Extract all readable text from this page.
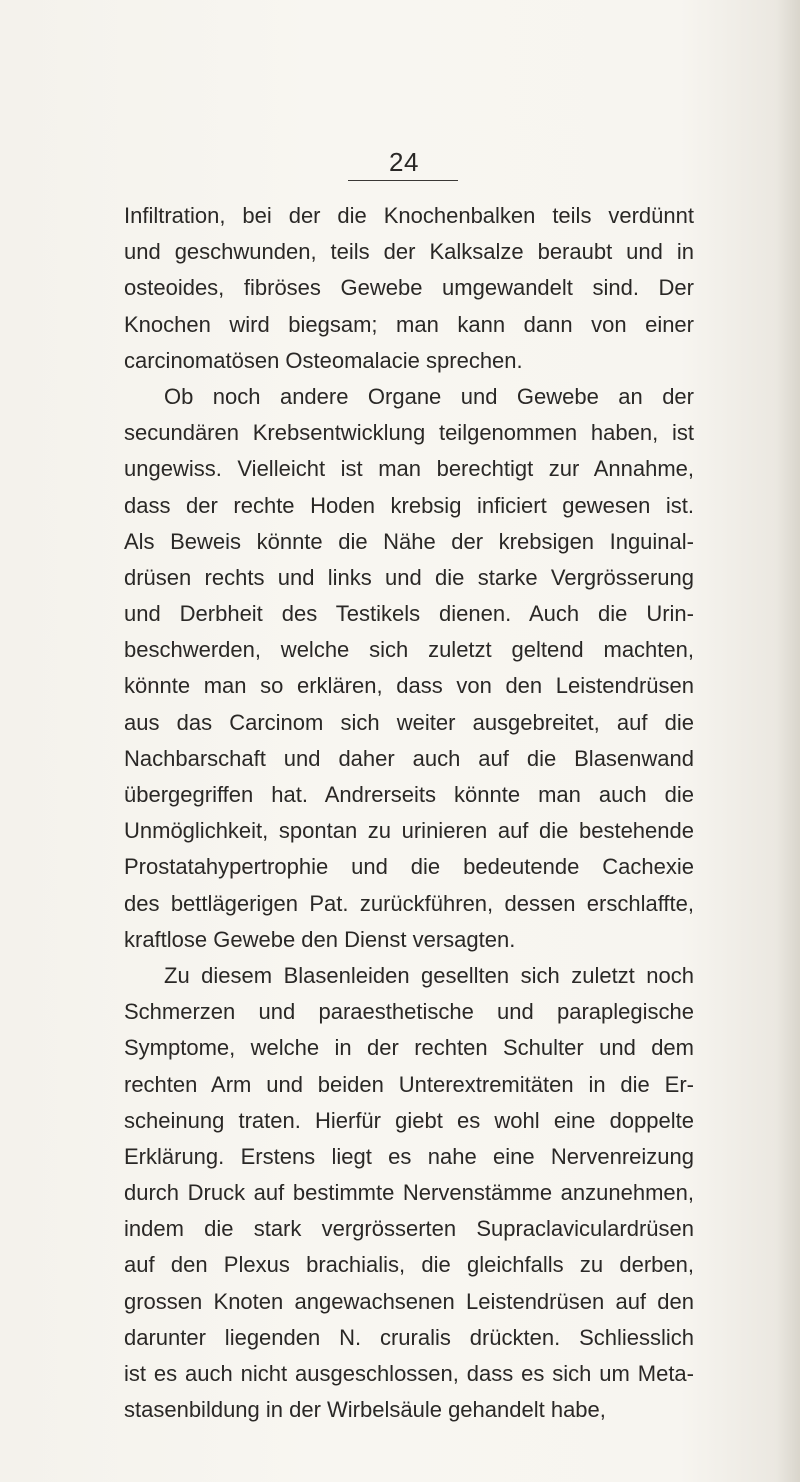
24
Infiltration, bei der die Knochenbalken teils verdünnt
und geschwunden, teils der Kalksalze beraubt und in
osteoides, fibröses Gewebe umgewandelt sind. Der
Knochen wird biegsam; man kann dann von einer
carcinomatösen Osteomalacie sprechen.
Ob noch andere Organe und Gewebe an der
secundären Krebsentwicklung teilgenommen haben, ist
ungewiss. Vielleicht ist man berechtigt zur Annahme,
dass der rechte Hoden krebsig inficiert gewesen ist.
Als Beweis könnte die Nähe der krebsigen Inguinal-
drüsen rechts und links und die starke Vergrösserung
und Derbheit des Testikels dienen. Auch die Urin-
beschwerden, welche sich zuletzt geltend machten,
könnte man so erklären, dass von den Leistendrüsen
aus das Carcinom sich weiter ausgebreitet, auf die
Nachbarschaft und daher auch auf die Blasenwand
übergegriffen hat. Andrerseits könnte man auch die
Unmöglichkeit, spontan zu urinieren auf die bestehende
Prostatahypertrophie und die bedeutende Cachexie
des bettlägerigen Pat. zurückführen, dessen erschlaffte,
kraftlose Gewebe den Dienst versagten.
Zu diesem Blasenleiden gesellten sich zuletzt noch
Schmerzen und paraesthetische und paraplegische
Symptome, welche in der rechten Schulter und dem
rechten Arm und beiden Unterextremitäten in die Er-
scheinung traten. Hierfür giebt es wohl eine doppelte
Erklärung. Erstens liegt es nahe eine Nervenreizung
durch Druck auf bestimmte Nervenstämme anzunehmen,
indem die stark vergrösserten Supraclaviculardrüsen
auf den Plexus brachialis, die gleichfalls zu derben,
grossen Knoten angewachsenen Leistendrüsen auf den
darunter liegenden N. cruralis drückten. Schliesslich
ist es auch nicht ausgeschlossen, dass es sich um Meta-
stasenbildung in der Wirbelsäule gehandelt habe,
